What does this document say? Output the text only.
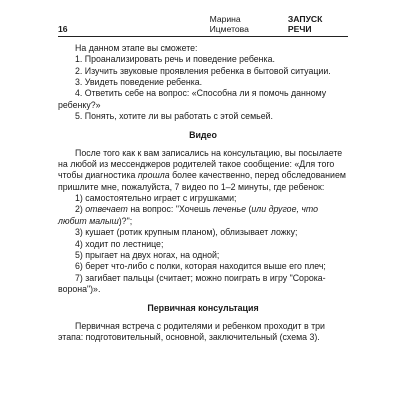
16
Марина Ицметова
ЗАПУСК РЕЧИ

На данном этапе вы сможете:

1. Проанализировать речь и поведение ребенка.

2. Изучить звуковые проявления ребенка в бытовой ситуации.

3. Увидеть поведение ребенка.

4. Ответить себе на вопрос: «Способна ли я помочь данному ребенку?»

5. Понять, хотите ли вы работать с этой семьей.

Видео

После того как к вам записались на консультацию, вы посылаете на любой из мессенджеров родителей такое сообщение: «Для того чтобы диагностика прошла более качественно, перед обследованием пришлите мне, пожалуйста, 7 видео по 1–2 минуты, где ребенок:

1) самостоятельно играет с игрушками;

2) отвечает на вопрос: "Хочешь печенье (или другое, что любит малыш)?";

3) кушает (ротик крупным планом), облизывает ложку;

4) ходит по лестнице;

5) прыгает на двух ногах, на одной;

6) берет что-либо с полки, которая находится выше его плеч;

7) загибает пальцы (считает; можно поиграть в игру "Сорока-ворона")».

Первичная консультация

Первичная встреча с родителями и ребенком проходит в три этапа: подготовительный, основной, заключительный (схема 3).
